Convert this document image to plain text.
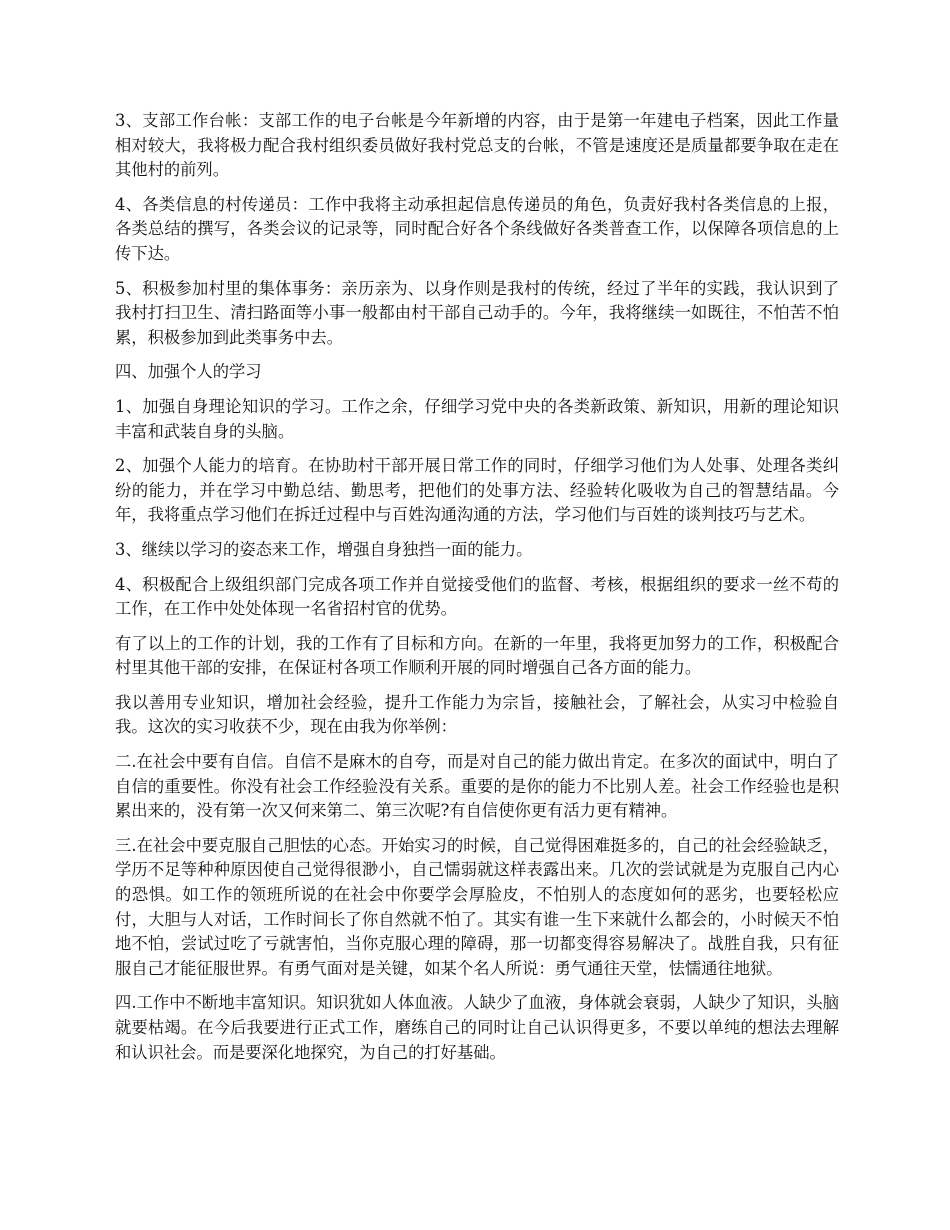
3、支部工作台帐：支部工作的电子台帐是今年新增的内容，由于是第一年建电子档案，因此工作量相对较大，我将极力配合我村组织委员做好我村党总支的台帐，不管是速度还是质量都要争取在走在其他村的前列。

4、各类信息的村传递员：工作中我将主动承担起信息传递员的角色，负责好我村各类信息的上报，各类总结的撰写，各类会议的记录等，同时配合好各个条线做好各类普查工作，以保障各项信息的上传下达。

5、积极参加村里的集体事务：亲历亲为、以身作则是我村的传统，经过了半年的实践，我认识到了我村打扫卫生、清扫路面等小事一般都由村干部自己动手的。今年，我将继续一如既往，不怕苦不怕累，积极参加到此类事务中去。

四、加强个人的学习

1、加强自身理论知识的学习。工作之余，仔细学习党中央的各类新政策、新知识，用新的理论知识丰富和武装自身的头脑。

2、加强个人能力的培育。在协助村干部开展日常工作的同时，仔细学习他们为人处事、处理各类纠纷的能力，并在学习中勤总结、勤思考，把他们的处事方法、经验转化吸收为自己的智慧结晶。今年，我将重点学习他们在拆迁过程中与百姓沟通沟通的方法，学习他们与百姓的谈判技巧与艺术。

3、继续以学习的姿态来工作，增强自身独挡一面的能力。

4、积极配合上级组织部门完成各项工作并自觉接受他们的监督、考核，根据组织的要求一丝不苟的工作，在工作中处处体现一名省招村官的优势。

有了以上的工作的计划，我的工作有了目标和方向。在新的一年里，我将更加努力的工作，积极配合村里其他干部的安排，在保证村各项工作顺利开展的同时增强自己各方面的能力。

我以善用专业知识，增加社会经验，提升工作能力为宗旨，接触社会，了解社会，从实习中检验自我。这次的实习收获不少，现在由我为你举例：

二.在社会中要有自信。自信不是麻木的自夸，而是对自己的能力做出肯定。在多次的面试中，明白了自信的重要性。你没有社会工作经验没有关系。重要的是你的能力不比别人差。社会工作经验也是积累出来的，没有第一次又何来第二、第三次呢?有自信使你更有活力更有精神。

三.在社会中要克服自己胆怯的心态。开始实习的时候，自己觉得困难挺多的，自己的社会经验缺乏，学历不足等种种原因使自己觉得很渺小，自己懦弱就这样表露出来。几次的尝试就是为克服自己内心的恐惧。如工作的领班所说的在社会中你要学会厚脸皮，不怕别人的态度如何的恶劣，也要轻松应付，大胆与人对话，工作时间长了你自然就不怕了。其实有谁一生下来就什么都会的，小时候天不怕地不怕，尝试过吃了亏就害怕，当你克服心理的障碍，那一切都变得容易解决了。战胜自我，只有征服自己才能征服世界。有勇气面对是关键，如某个名人所说：勇气通往天堂，怯懦通往地狱。

四.工作中不断地丰富知识。知识犹如人体血液。人缺少了血液，身体就会衰弱，人缺少了知识，头脑就要枯竭。在今后我要进行正式工作，磨练自己的同时让自己认识得更多，不要以单纯的想法去理解和认识社会。而是要深化地探究，为自己的打好基础。
